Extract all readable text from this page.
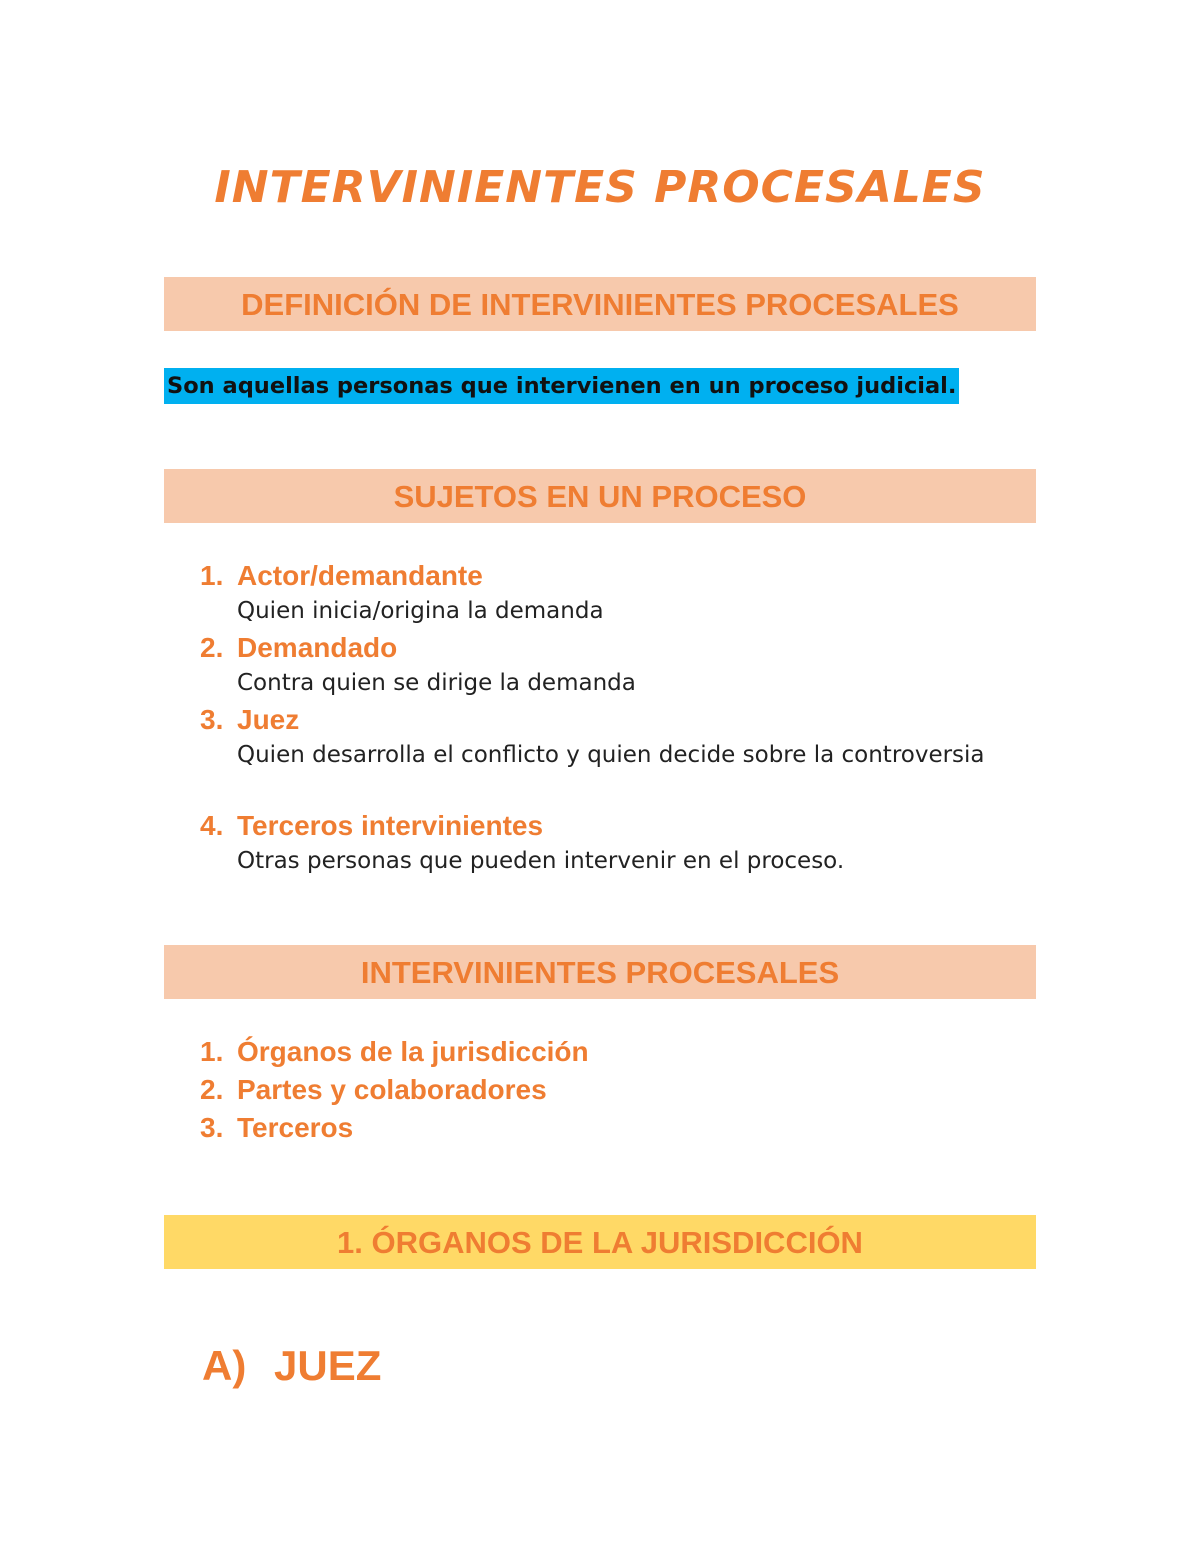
INTERVINIENTES PROCESALES
DEFINICIÓN DE INTERVINIENTES PROCESALES
Son aquellas personas que intervienen en un proceso judicial.
SUJETOS EN UN PROCESO
1. Actor/demandante
Quien inicia/origina la demanda
2. Demandado
Contra quien se dirige la demanda
3. Juez
Quien desarrolla el conflicto y quien decide sobre la controversia
4. Terceros intervinientes
Otras personas que pueden intervenir en el proceso.
INTERVINIENTES PROCESALES
1. Órganos de la jurisdicción
2. Partes y colaboradores
3. Terceros
1. ÓRGANOS DE LA JURISDICCIÓN
A) JUEZ
